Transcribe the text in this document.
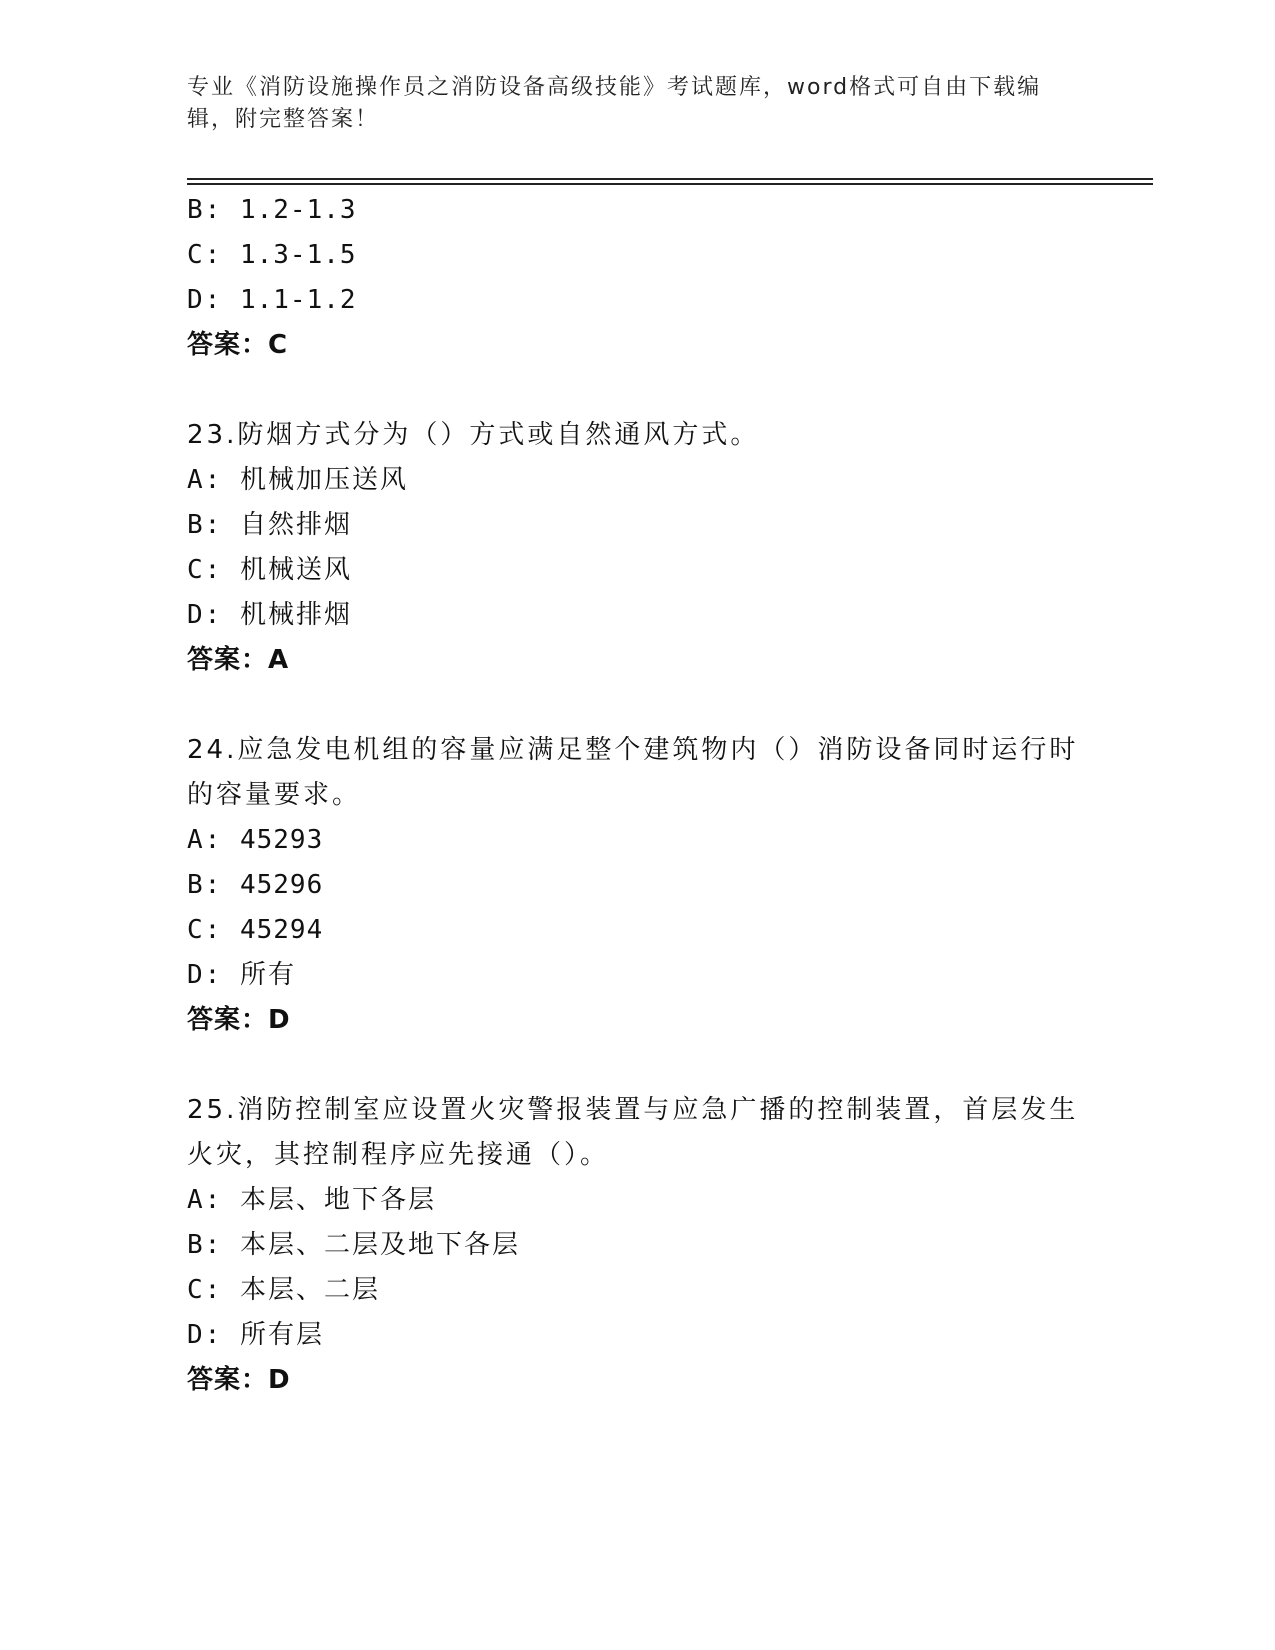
专业《消防设施操作员之消防设备高级技能》考试题库，word格式可自由下载编辑，附完整答案！
B: 1.2-1.3
C: 1.3-1.5
D: 1.1-1.2
答案：C
23.防烟方式分为（）方式或自然通风方式。
A: 机械加压送风
B: 自然排烟
C: 机械送风
D: 机械排烟
答案：A
24.应急发电机组的容量应满足整个建筑物内（）消防设备同时运行时
的容量要求。
A: 45293
B: 45296
C: 45294
D: 所有
答案：D
25.消防控制室应设置火灾警报装置与应急广播的控制装置，首层发生
火灾，其控制程序应先接通（）。
A: 本层、地下各层
B: 本层、二层及地下各层
C: 本层、二层
D: 所有层
答案：D
